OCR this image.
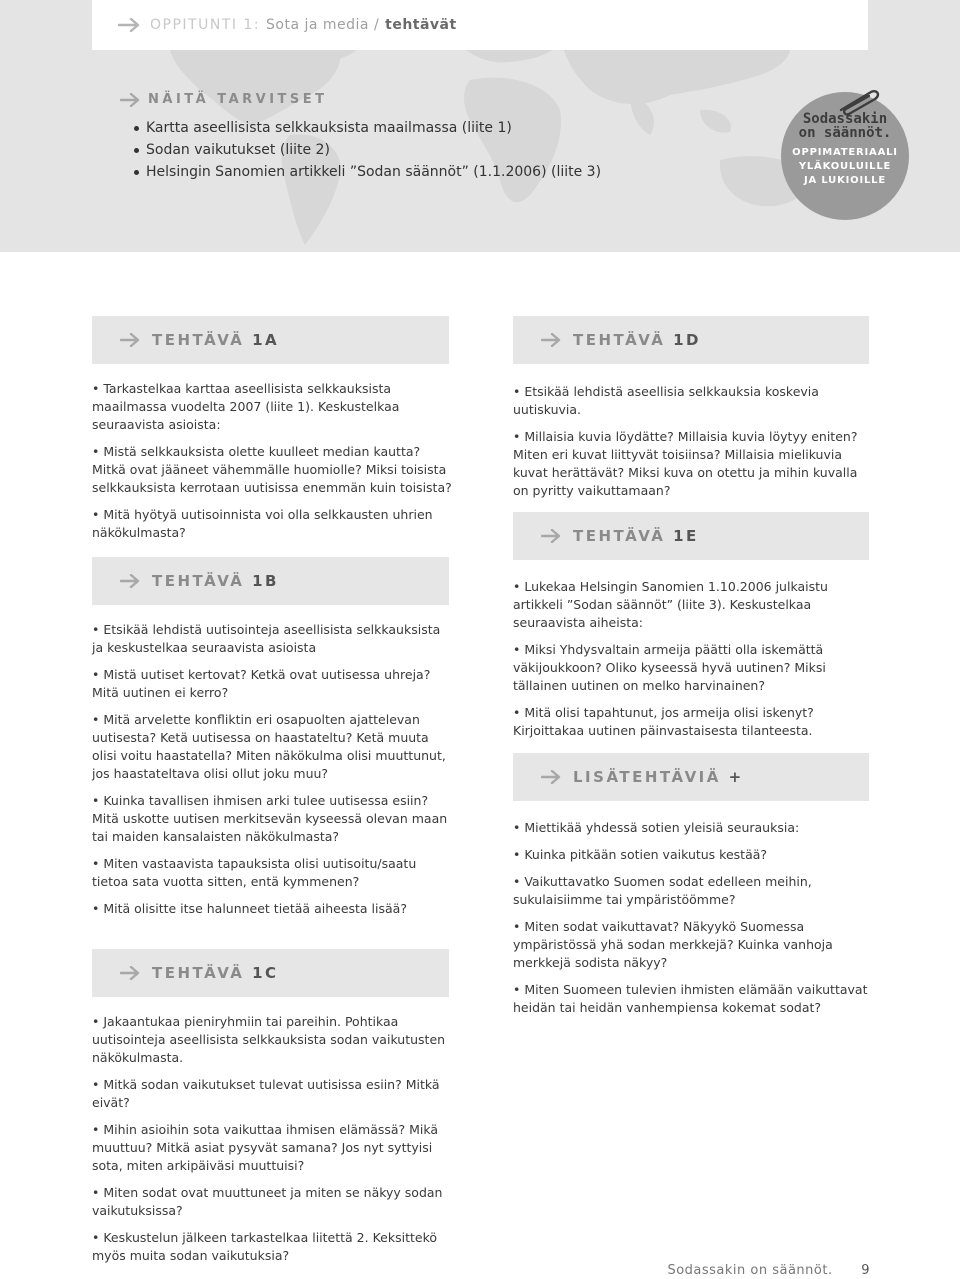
OPPITUNTI 1: Sota ja media / tehtävät
NÄITÄ TARVITSET
Kartta aseellisista selkkauksista maailmassa (liite 1)
Sodan vaikutukset (liite 2)
Helsingin Sanomien artikkeli ”Sodan säännöt” (1.1.2006) (liite 3)
Sodassakin
on säännöt.
OPPIMATERIAALI
YLÄKOULUILLE
JA LUKIOILLE
TEHTÄVÄ 1A

• Tarkastelkaa karttaa aseellisista selkkauksista maailmassa vuodelta 2007 (liite 1). Keskustelkaa seuraavista asioista:

• Mistä selkkauksista olette kuulleet median kautta? Mitkä ovat jääneet vähemmälle huomiolle? Miksi toisista selkkauksista kerrotaan uutisissa enemmän kuin toisista?

• Mitä hyötyä uutisoinnista voi olla selkkausten uhrien näkökulmasta?

TEHTÄVÄ 1B

• Etsikää lehdistä uutisointeja aseellisista selkkauksista ja keskustelkaa seuraavista asioista

• Mistä uutiset kertovat? Ketkä ovat uutisessa uhreja? Mitä uutinen ei kerro?

• Mitä arvelette konfliktin eri osapuolten ajattelevan uutisesta? Ketä uutisessa on haastateltu? Ketä muuta olisi voitu haastatella? Miten näkökulma olisi muuttunut, jos haastateltava olisi ollut joku muu?

• Kuinka tavallisen ihmisen arki tulee uutisessa esiin? Mitä uskotte uutisen merkitsevän kyseessä olevan maan tai maiden kansalaisten näkökulmasta?

• Miten vastaavista tapauksista olisi uutisoitu/saatu tietoa sata vuotta sitten, entä kymmenen?

• Mitä olisitte itse halunneet tietää aiheesta lisää?

TEHTÄVÄ 1C

• Jakaantukaa pieniryhmiin tai pareihin. Pohtikaa uutisointeja aseellisista selkkauksista sodan vaikutusten näkökulmasta.

• Mitkä sodan vaikutukset tulevat uutisissa esiin? Mitkä eivät?

• Mihin asioihin sota vaikuttaa ihmisen elämässä? Mikä muuttuu? Mitkä asiat pysyvät samana? Jos nyt syttyisi sota, miten arkipäiväsi muuttuisi?

• Miten sodat ovat muuttuneet ja miten se näkyy sodan vaikutuksissa?

• Keskustelun jälkeen tarkastelkaa liitettä 2. Keksittekö myös muita sodan vaikutuksia?

TEHTÄVÄ 1D

• Etsikää lehdistä aseellisia selkkauksia koskevia uutiskuvia.

• Millaisia kuvia löydätte? Millaisia kuvia löytyy eniten? Miten eri kuvat liittyvät toisiinsa? Millaisia mielikuvia kuvat herättävät? Miksi kuva on otettu ja mihin kuvalla on pyritty vaikuttamaan?

TEHTÄVÄ 1E

• Lukekaa Helsingin Sanomien 1.10.2006 julkaistu artikkeli ”Sodan säännöt” (liite 3). Keskustelkaa seuraavista aiheista:

• Miksi Yhdysvaltain armeija päätti olla iskemättä väkijoukkoon? Oliko kyseessä hyvä uutinen? Miksi tällainen uutinen on melko harvinainen?

• Mitä olisi tapahtunut, jos armeija olisi iskenyt? Kirjoittakaa uutinen päinvastaisesta tilanteesta.

LISÄTEHTÄVIÄ +

• Miettikää yhdessä sotien yleisiä seurauksia:

• Kuinka pitkään sotien vaikutus kestää?

• Vaikuttavatko Suomen sodat edelleen meihin, sukulaisiimme tai ympäristöömme?

• Miten sodat vaikuttavat? Näkyykö Suomessa ympäristössä yhä sodan merkkejä? Kuinka vanhoja merkkejä sodista näkyy?

• Miten Suomeen tulevien ihmisten elämään vaikuttavat heidän tai heidän vanhempiensa kokemat sodat?

Sodassakin on säännöt. 9
